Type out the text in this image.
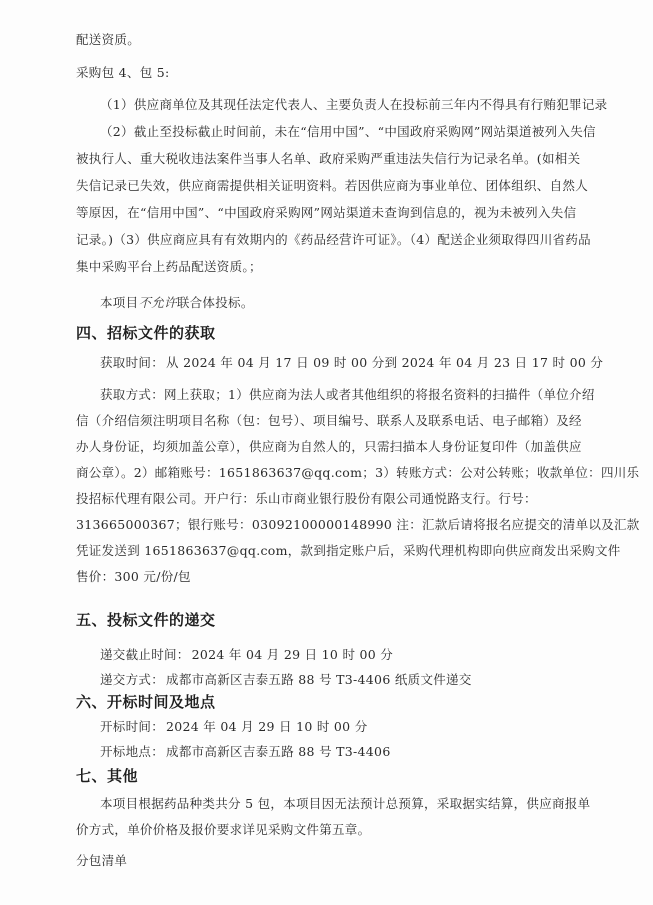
配送资质。
采购包 4、包 5:
（1）供应商单位及其现任法定代表人、主要负责人在投标前三年内不得具有行贿犯罪记录
（2）截止至投标截止时间前，未在“信用中国”、“中国政府采购网”网站渠道被列入失信
被执行人、重大税收违法案件当事人名单、政府采购严重违法失信行为记录名单。(如相关
失信记录已失效，供应商需提供相关证明资料。若因供应商为事业单位、团体组织、自然人
等原因，在“信用中国”、“中国政府采购网”网站渠道未查询到信息的，视为未被列入失信
记录。)（3）供应商应具有有效期内的《药品经营许可证》。（4）配送企业须取得四川省药品
集中采购平台上药品配送资质。；
本项目不允许联合体投标。
四、招标文件的获取
获取时间： 从 2024 年 04 月 17 日 09 时 00 分到 2024 年 04 月 23 日 17 时 00 分
获取方式：网上获取；1）供应商为法人或者其他组织的将报名资料的扫描件（单位介绍
信（介绍信须注明项目名称（包：包号）、项目编号、联系人及联系电话、电子邮箱）及经
办人身份证，均须加盖公章），供应商为自然人的，只需扫描本人身份证复印件（加盖供应
商公章）。2）邮箱账号：1651863637@qq.com；3）转账方式：公对公转账；收款单位：四川乐
投招标代理有限公司。开户行：乐山市商业银行股份有限公司通悦路支行。行号：
313665000367；银行账号：03092100000148990 注：汇款后请将报名应提交的清单以及汇款
凭证发送到 1651863637@qq.com，款到指定账户后，采购代理机构即向供应商发出采购文件
售价：300 元/份/包
五、投标文件的递交
递交截止时间： 2024 年 04 月 29 日 10 时 00 分
递交方式： 成都市高新区吉泰五路 88 号 T3-4406 纸质文件递交
六、开标时间及地点
开标时间： 2024 年 04 月 29 日 10 时 00 分
开标地点： 成都市高新区吉泰五路 88 号 T3-4406
七、其他
本项目根据药品种类共分 5 包，本项目因无法预计总预算，采取据实结算，供应商报单
价方式，单价价格及报价要求详见采购文件第五章。
分包清单
